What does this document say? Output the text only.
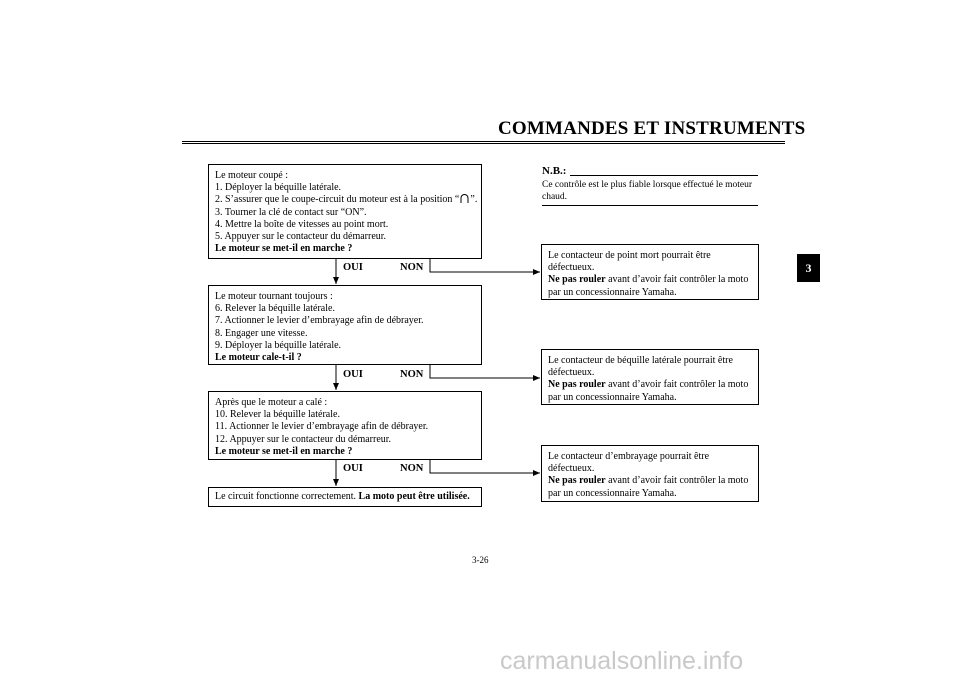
COMMANDES ET INSTRUMENTS
3
Le moteur coupé :
1. Déployer la béquille latérale.
2. S’assurer que le coupe-circuit du moteur est à la position “ ”.
3. Tourner la clé de contact sur “ON”.
4. Mettre la boîte de vitesses au point mort.
5. Appuyer sur le contacteur du démarreur.
Le moteur se met-il en marche ?
OUI	NON
Le moteur tournant toujours :
6. Relever la béquille latérale.
7. Actionner le levier d’embrayage afin de débrayer.
8. Engager une vitesse.
9. Déployer la béquille latérale.
Le moteur cale-t-il ?
OUI	NON
Après que le moteur a calé :
10. Relever la béquille latérale.
11. Actionner le levier d’embrayage afin de débrayer.
12. Appuyer sur le contacteur du démarreur.
Le moteur se met-il en marche ?
OUI	NON
Le circuit fonctionne correctement. La moto peut être utilisée.
Le contacteur de point mort pourrait être
défectueux.
Ne pas rouler avant d’avoir fait contrôler la moto
par un concessionnaire Yamaha.
Le contacteur de béquille latérale pourrait être
défectueux.
Ne pas rouler avant d’avoir fait contrôler la moto
par un concessionnaire Yamaha.
Le contacteur d’embrayage pourrait être
défectueux.
Ne pas rouler avant d’avoir fait contrôler la moto
par un concessionnaire Yamaha.
N.B.:
Ce contrôle est le plus fiable lorsque effectué le moteur
chaud.
3-26
carmanualsonline.info
